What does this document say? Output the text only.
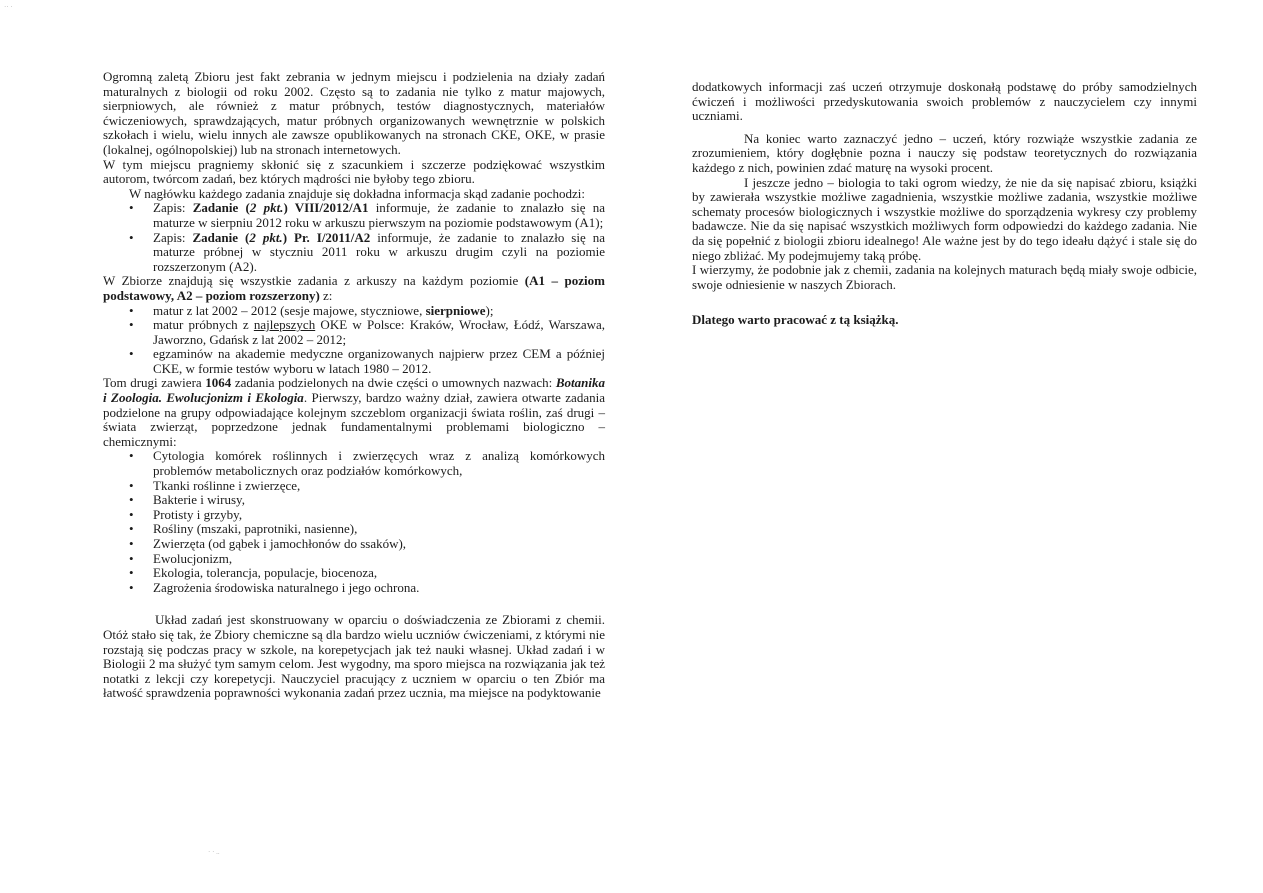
·· ·
· · ..

Ogromną zaletą Zbioru jest fakt zebrania w jednym miejscu i podzielenia na działy zadań maturalnych z biologii od roku 2002. Często są to zadania nie tylko z matur majowych, sierpniowych, ale również z matur próbnych, testów diagnostycznych, materiałów ćwiczeniowych, sprawdzających, matur próbnych organizowanych wewnętrznie w polskich szkołach i wielu, wielu innych ale zawsze opublikowanych na stronach CKE, OKE, w prasie (lokalnej, ogólnopolskiej) lub na stronach internetowych.

W tym miejscu pragniemy skłonić się z szacunkiem i szczerze podziękować wszystkim autorom, twórcom zadań, bez których mądrości nie byłoby tego zbioru.

W nagłówku każdego zadania znajduje się dokładna informacja skąd zadanie pochodzi:

• Zapis: Zadanie (2 pkt.) VIII/2012/A1 informuje, że zadanie to znalazło się na maturze w sierpniu 2012 roku w arkuszu pierwszym na poziomie podstawowym (A1);
• Zapis: Zadanie (2 pkt.) Pr. I/2011/A2 informuje, że zadanie to znalazło się na maturze próbnej w styczniu 2011 roku w arkuszu drugim czyli na poziomie rozszerzonym (A2).

W Zbiorze znajdują się wszystkie zadania z arkuszy na każdym poziomie (A1 – poziom podstawowy, A2 – poziom rozszerzony) z:

• matur z lat 2002 – 2012 (sesje majowe, styczniowe, sierpniowe);
• matur próbnych z najlepszych OKE w Polsce: Kraków, Wrocław, Łódź, Warszawa, Jaworzno, Gdańsk z lat 2002 – 2012;
• egzaminów na akademie medyczne organizowanych najpierw przez CEM a później CKE, w formie testów wyboru w latach 1980 – 2012.

Tom drugi zawiera 1064 zadania podzielonych na dwie części o umownych nazwach: Botanika i Zoologia. Ewolucjonizm i Ekologia. Pierwszy, bardzo ważny dział, zawiera otwarte zadania podzielone na grupy odpowiadające kolejnym szczeblom organizacji świata roślin, zaś drugi – świata zwierząt, poprzedzone jednak fundamentalnymi problemami biologiczno – chemicznymi:

• Cytologia komórek roślinnych i zwierzęcych wraz z analizą komórkowych problemów metabolicznych oraz podziałów komórkowych,
• Tkanki roślinne i zwierzęce,
• Bakterie i wirusy,
• Protisty i grzyby,
• Rośliny (mszaki, paprotniki, nasienne),
• Zwierzęta (od gąbek i jamochłonów do ssaków),
• Ewolucjonizm,
• Ekologia, tolerancja, populacje, biocenoza,
• Zagrożenia środowiska naturalnego i jego ochrona.

Układ zadań jest skonstruowany w oparciu o doświadczenia ze Zbiorami z chemii. Otóż stało się tak, że Zbiory chemiczne są dla bardzo wielu uczniów ćwiczeniami, z którymi nie rozstają się podczas pracy w szkole, na korepetycjach jak też nauki własnej. Układ zadań i w Biologii 2 ma służyć tym samym celom. Jest wygodny, ma sporo miejsca na rozwiązania jak też notatki z lekcji czy korepetycji. Nauczyciel pracujący z uczniem w oparciu o ten Zbiór ma łatwość sprawdzenia poprawności wykonania zadań przez ucznia, ma miejsce na podyktowanie

dodatkowych informacji zaś uczeń otrzymuje doskonałą podstawę do próby samodzielnych ćwiczeń i możliwości przedyskutowania swoich problemów z nauczycielem czy innymi uczniami.

Na koniec warto zaznaczyć jedno – uczeń, który rozwiąże wszystkie zadania ze zrozumieniem, który dogłębnie pozna i nauczy się podstaw teoretycznych do rozwiązania każdego z nich, powinien zdać maturę na wysoki procent.

I jeszcze jedno – biologia to taki ogrom wiedzy, że nie da się napisać zbioru, książki by zawierała wszystkie możliwe zagadnienia, wszystkie możliwe zadania, wszystkie możliwe schematy procesów biologicznych i wszystkie możliwe do sporządzenia wykresy czy problemy badawcze. Nie da się napisać wszystkich możliwych form odpowiedzi do każdego zadania. Nie da się popełnić z biologii zbioru idealnego! Ale ważne jest by do tego ideału dążyć i stale się do niego zbliżać. My podejmujemy taką próbę.

I wierzymy, że podobnie jak z chemii, zadania na kolejnych maturach będą miały swoje odbicie, swoje odniesienie w naszych Zbiorach.

Dlatego warto pracować z tą książką.
